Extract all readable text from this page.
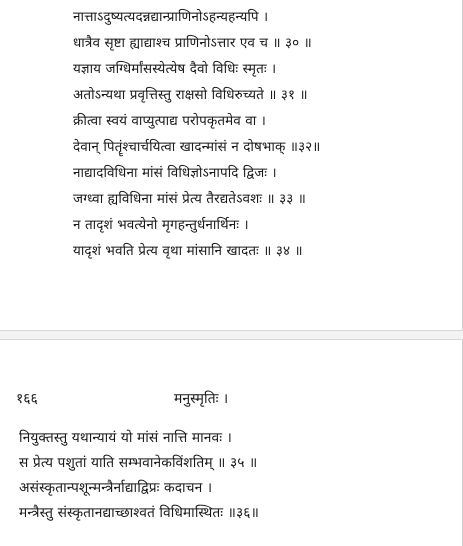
नात्ताऽदुष्यत्यदन्नद्यान्प्राणिनोऽहन्यहन्यपि ।
धात्रैव सृष्टा ह्याद्याश्च प्राणिनोऽत्तार एव च ॥ ३० ॥
यज्ञाय जग्धिर्मांसस्येत्येष दैवो विधिः स्मृतः ।
अतोऽन्यथा प्रवृत्तिस्तु राक्षसो विधिरुच्यते ॥ ३१ ॥
क्रीत्वा स्वयं वाप्युत्पाद्य परोपकृतमेव वा ।
देवान् पितॄंश्चार्चयित्वा खादन्मांसं न दोषभाक् ॥३२॥
नाद्यादविधिना मांसं विधिज्ञोऽनापदि द्विजः ।
जग्ध्वा ह्यविधिना मांसं प्रेत्य तैरद्यतेऽवशः ॥ ३३ ॥
न तादृशं भवत्येनो मृगहन्तुर्धनार्थिनः ।
यादृशं भवति प्रेत्य वृथा मांसानि खादतः ॥ ३४ ॥
१६६	मनुस्मृतिः ।
नियुक्तस्तु यथान्यायं यो मांसं नात्ति मानवः ।
स प्रेत्य पशुतां याति सम्भवानेकविंशतिम् ॥ ३५ ॥
असंस्कृतान्पशून्मन्त्रैर्नाद्याद्विप्रः कदाचन ।
मन्त्रैस्तु संस्कृतानद्याच्छाश्वतं विधिमास्थितः ॥३६॥
